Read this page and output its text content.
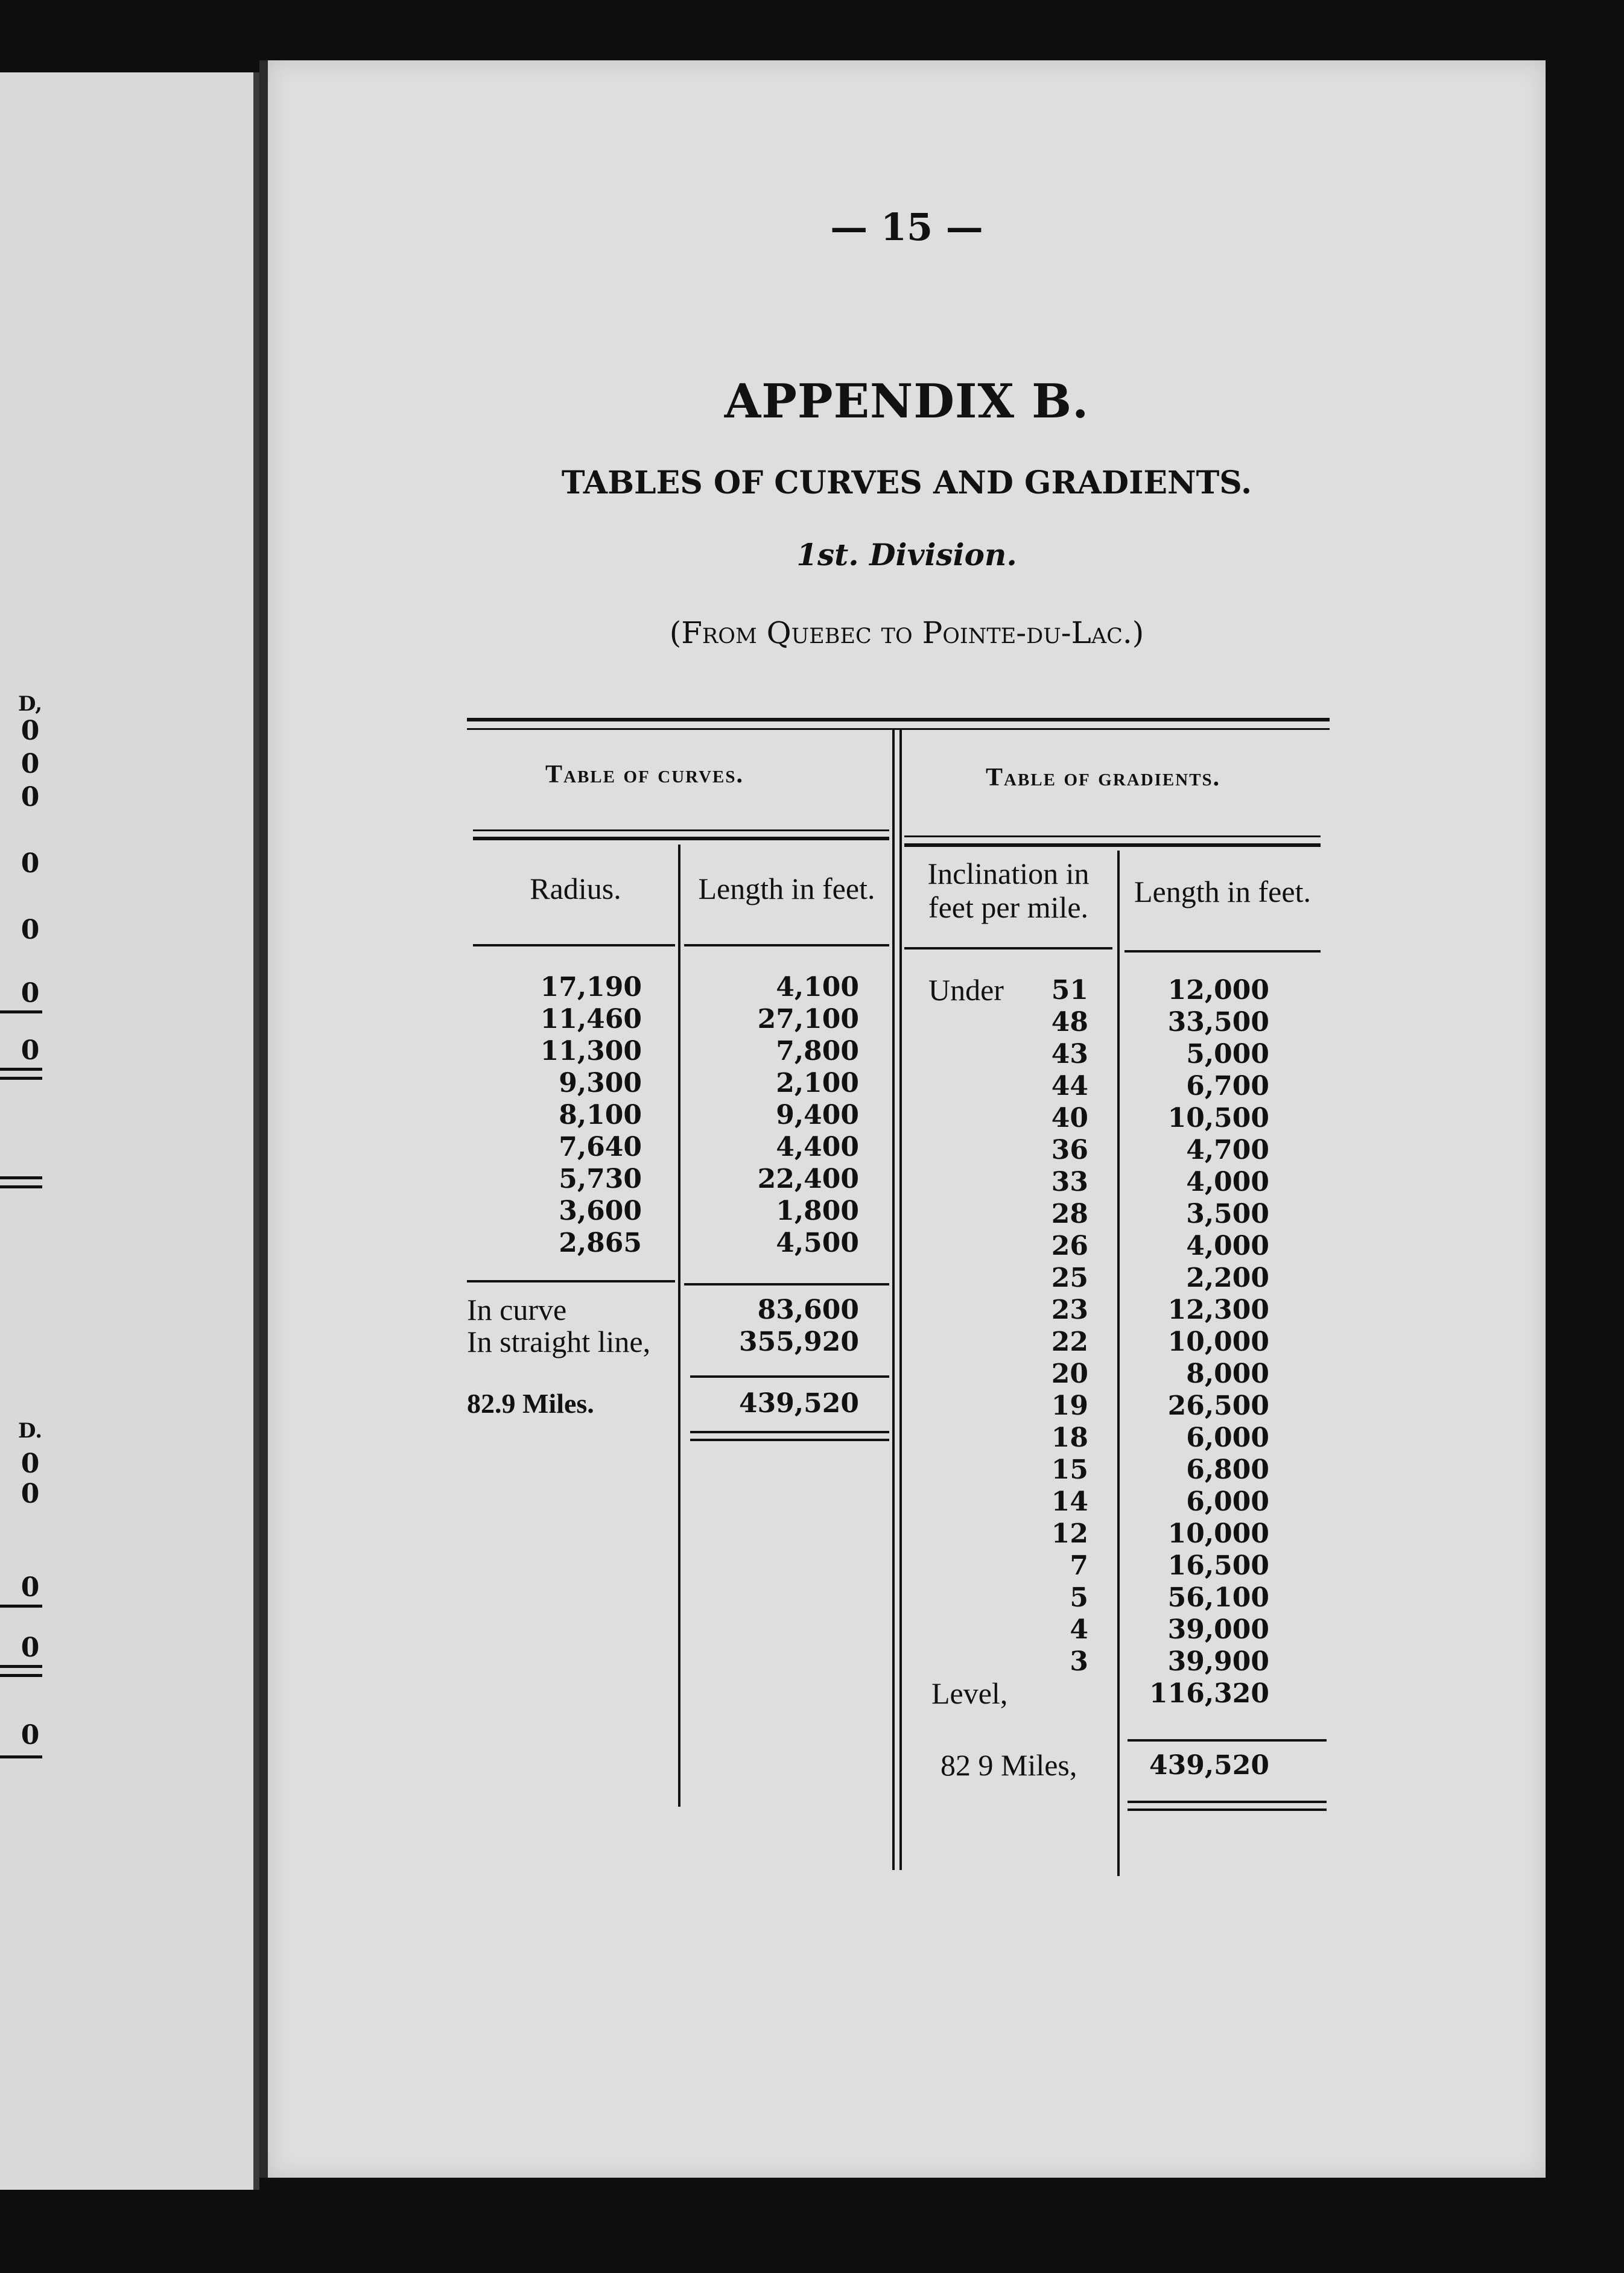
D,
0
0
0
0
0
0
0
D.
0
0
0
0
0
— 15 —
APPENDIX B.
TABLES OF CURVES AND GRADIENTS.
1st. Division.
(From Quebec to Pointe-du-Lac.)
Table of curves.
Radius.	Length in feet.
17,190	4,100
11,460	27,100
11,300	7,800
9,300	2,100
8,100	9,400
7,640	4,400
5,730	22,400
3,600	1,800
2,865	4,500
In curve	83,600
In straight line,	355,920
82.9 Miles.	439,520
Table of gradients.
Inclination in feet per mile.	Length in feet.
Under	51	12,000
48	33,500
43	5,000
44	6,700
40	10,500
36	4,700
33	4,000
28	3,500
26	4,000
25	2,200
23	12,300
22	10,000
20	8,000
19	26,500
18	6,000
15	6,800
14	6,000
12	10,000
7	16,500
5	56,100
4	39,000
3	39,900
Level,	116,320
82 9 Miles,	439,520
